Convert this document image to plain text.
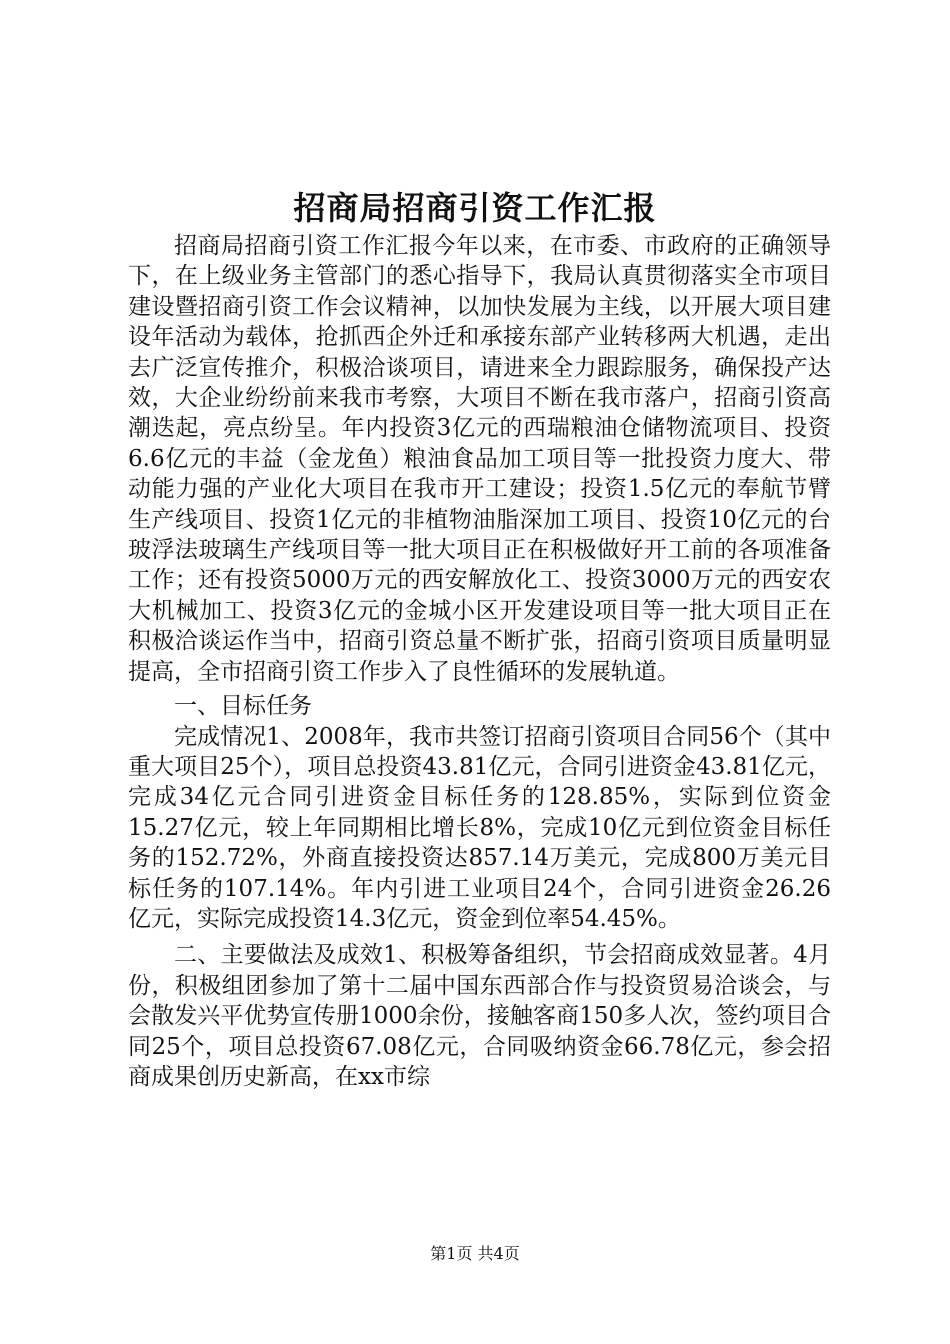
招商局招商引资工作汇报

招商局招商引资工作汇报今年以来，在市委、市政府的正确领导下，在上级业务主管部门的悉心指导下，我局认真贯彻落实全市项目建设暨招商引资工作会议精神，以加快发展为主线，以开展大项目建设年活动为载体，抢抓西企外迁和承接东部产业转移两大机遇，走出去广泛宣传推介，积极洽谈项目，请进来全力跟踪服务，确保投产达效，大企业纷纷前来我市考察，大项目不断在我市落户，招商引资高潮迭起，亮点纷呈。年内投资3亿元的西瑞粮油仓储物流项目、投资6.6亿元的丰益（金龙鱼）粮油食品加工项目等一批投资力度大、带动能力强的产业化大项目在我市开工建设；投资1.5亿元的奉航节臂生产线项目、投资1亿元的非植物油脂深加工项目、投资10亿元的台玻浮法玻璃生产线项目等一批大项目正在积极做好开工前的各项准备工作；还有投资5000万元的西安解放化工、投资3000万元的西安农大机械加工、投资3亿元的金城小区开发建设项目等一批大项目正在积极洽谈运作当中，招商引资总量不断扩张，招商引资项目质量明显提高，全市招商引资工作步入了良性循环的发展轨道。

一、目标任务

完成情况1、2008年，我市共签订招商引资项目合同56个（其中重大项目25个），项目总投资43.81亿元，合同引进资金43.81亿元，完成34亿元合同引进资金目标任务的128.85%，实际到位资金15.27亿元，较上年同期相比增长8%，完成10亿元到位资金目标任务的152.72%，外商直接投资达857.14万美元，完成800万美元目标任务的107.14%。年内引进工业项目24个，合同引进资金26.26亿元，实际完成投资14.3亿元，资金到位率54.45%。

二、主要做法及成效1、积极筹备组织，节会招商成效显著。4月份，积极组团参加了第十二届中国东西部合作与投资贸易洽谈会，与会散发兴平优势宣传册1000余份，接触客商150多人次，签约项目合同25个，项目总投资67.08亿元，合同吸纳资金66.78亿元，参会招商成果创历史新高，在xx市综

第1页 共4页
